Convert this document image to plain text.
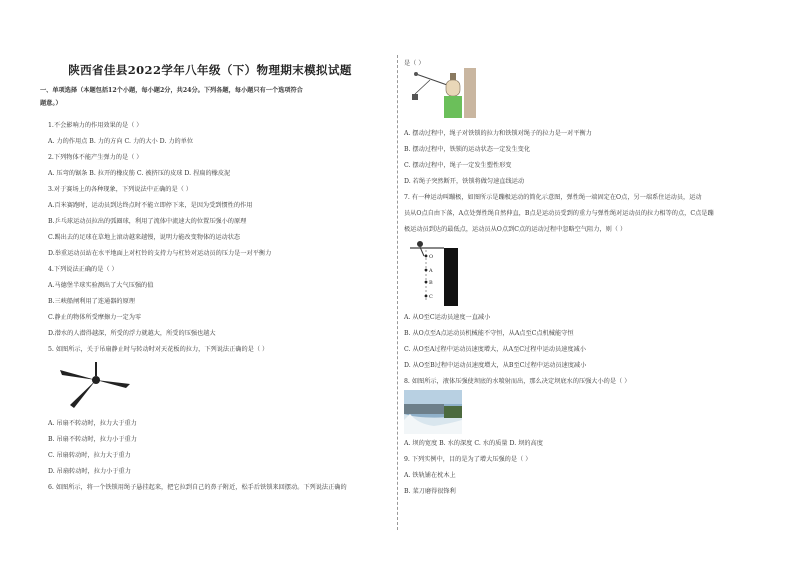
陕西省佳县2022学年八年级（下）物理期末模拟试题
一、单项选择（本题包括12个小题，每小题2分，共24分。下列各题，每小题只有一个选项符合
题意。）
1.不会影响力的作用效果的是（ ）
A. 力的作用点 B. 力的方向 C. 力的大小 D. 力的单位
2.下列物体不能产生弹力的是（ ）
A. 压弯的锯条 B. 拉开的橡皮筋 C. 被挤压的皮球 D. 捏扁的橡皮泥
3.对于赛场上的各种现象，下列说法中正确的是（ ）
A.百米赛跑时，运动员到达终点时不能立即停下来，是因为受到惯性的作用
B.乒乓球运动员拉出的弧圈球，利用了流体中流速大的位置压强小的原理
C.踢出去的足球在草地上滚动越来越慢，说明力能改变物体的运动状态
D.举重运动员站在水平地面上对杠铃的支持力与杠铃对运动员的压力是一对平衡力
4.下列说法正确的是（ ）
A.马德堡半球实验测出了大气压强的值
B.三峡船闸利用了连通器的原理
C.静止的物体所受摩擦力一定为零
D.潜水的人潜得越深，所受的浮力就越大，所受的压强也越大
5. 如图所示，关于吊扇静止时与转动时对天花板的拉力，下列说法正确的是（ ）
A. 吊扇不转动时，拉力大于重力
B. 吊扇不转动时，拉力小于重力
C. 吊扇转动时，拉力大于重力
D. 吊扇转动时，拉力小于重力
6. 如图所示，将一个铁锁用绳子悬挂起来，把它拉到自己的鼻子附近，松手后铁锁来回摆动。下列说法正确的
是（ ）
A. 摆动过程中，绳子对铁锁的拉力和铁锁对绳子的拉力是一对平衡力
B. 摆动过程中，铁锁的运动状态一定发生变化
C. 摆动过程中，绳子一定发生塑性形变
D. 若绳子突然断开，铁锁将做匀速直线运动
7. 有一种运动叫蹦极，如图所示是蹦极运动的简化示意图，弹性绳一端固定在O点，另一端系住运动员，运动
员从O点自由下落，A点处弹性绳自然伸直，B点是运动员受到的重力与弹性绳对运动员的拉力相等的点，C点是蹦
极运动员到达的最低点，运动员从O点到C点的运动过程中忽略空气阻力，则（ ）
O
A
B
C
A. 从O至C运动员速度一直减小
B. 从O点至A点运动员机械能不守恒，从A点至C点机械能守恒
C. 从O至A过程中运动员速度增大，从A至C过程中运动员速度减小
D. 从O至B过程中运动员速度增大，从B至C过程中运动员速度减小
8. 如图所示，液体压强使坝底的水喷射而出，那么决定坝底水的压强大小的是（ ）
A. 坝的宽度 B. 水的深度 C. 水的质量 D. 坝的高度
9. 下列实例中，目的是为了增大压强的是（ ）
A. 铁轨铺在枕木上
B. 菜刀磨得很锋利
